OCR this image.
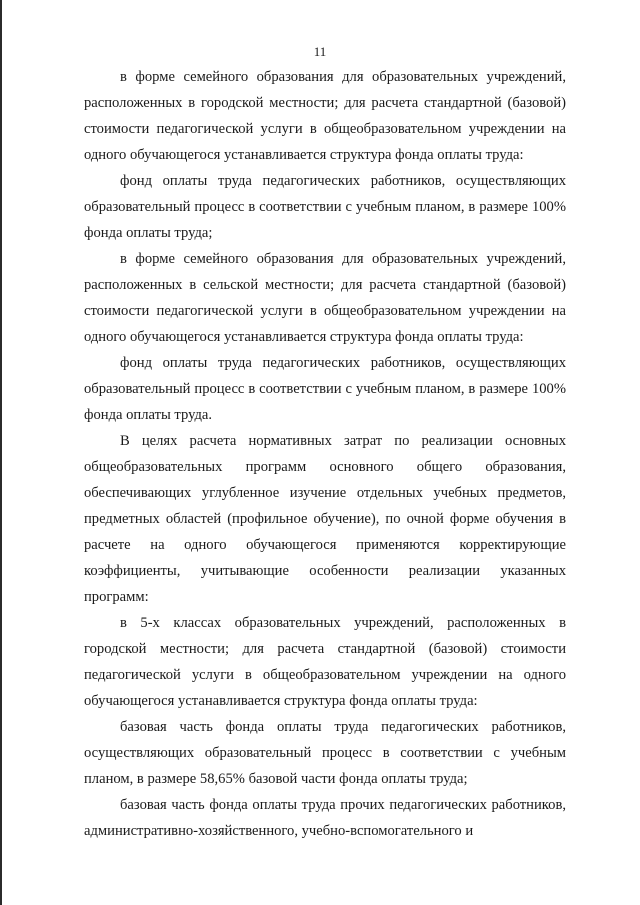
11

в форме семейного образования для образовательных учреждений, расположенных в городской местности; для расчета стандартной (базовой) стоимости педагогической услуги в общеобразовательном учреждении на одного обучающегося устанавливается структура фонда оплаты труда:

фонд оплаты труда педагогических работников, осуществляющих образовательный процесс в соответствии с учебным планом, в размере 100% фонда оплаты труда;

в форме семейного образования для образовательных учреждений, расположенных в сельской местности; для расчета стандартной (базовой) стоимости педагогической услуги в общеобразовательном учреждении на одного обучающегося устанавливается структура фонда оплаты труда:

фонд оплаты труда педагогических работников, осуществляющих образовательный процесс в соответствии с учебным планом, в размере 100% фонда оплаты труда.

В целях расчета нормативных затрат по реализации основных общеобразовательных программ основного общего образования, обеспечивающих углубленное изучение отдельных учебных предметов, предметных областей (профильное обучение), по очной форме обучения в расчете на одного обучающегося применяются корректирующие коэффициенты, учитывающие особенности реализации указанных программ:

в 5-х классах образовательных учреждений, расположенных в городской местности; для расчета стандартной (базовой) стоимости педагогической услуги в общеобразовательном учреждении на одного обучающегося устанавливается структура фонда оплаты труда:

базовая часть фонда оплаты труда педагогических работников, осуществляющих образовательный процесс в соответствии с учебным планом, в размере 58,65% базовой части фонда оплаты труда;

базовая часть фонда оплаты труда прочих педагогических работников, административно-хозяйственного, учебно-вспомогательного и
